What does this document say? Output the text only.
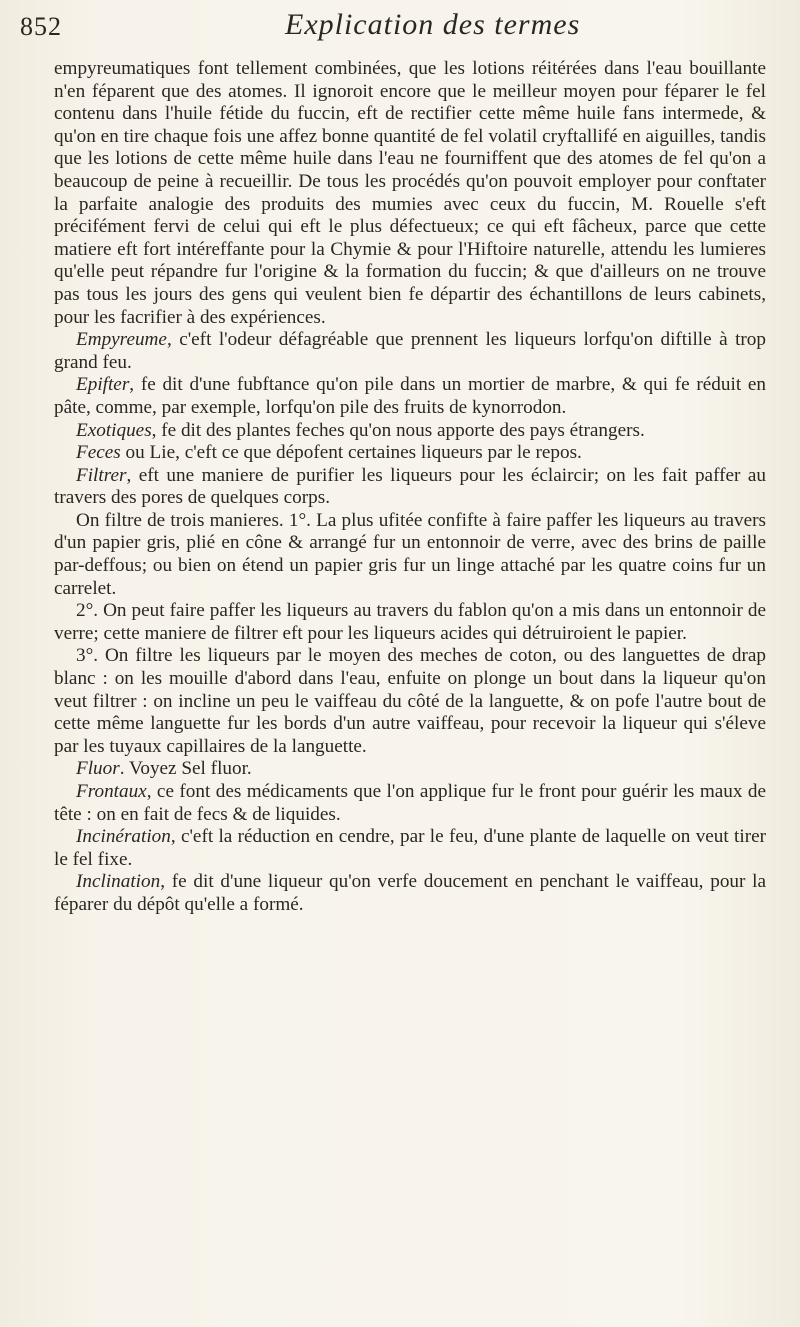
852	Explication des termes

empyreumatiques font tellement combinées, que les lotions réitérées dans l'eau bouillante n'en féparent que des atomes. Il ignoroit encore que le meilleur moyen pour féparer le fel contenu dans l'huile fétide du fuccin, eft de rectifier cette même huile fans intermede, & qu'on en tire chaque fois une affez bonne quantité de fel volatil cryftallifé en aiguilles, tandis que les lotions de cette même huile dans l'eau ne fourniffent que des atomes de fel qu'on a beaucoup de peine à recueillir. De tous les procédés qu'on pouvoit employer pour conftater la parfaite analogie des produits des mumies avec ceux du fuccin, M. Rouelle s'eft précifément fervi de celui qui eft le plus défectueux; ce qui eft fâcheux, parce que cette matiere eft fort intéreffante pour la Chymie & pour l'Hiftoire naturelle, attendu les lumieres qu'elle peut répandre fur l'origine & la formation du fuccin; & que d'ailleurs on ne trouve pas tous les jours des gens qui veulent bien fe départir des échantillons de leurs cabinets, pour les facrifier à des expériences.

Empyreume, c'eft l'odeur défagréable que prennent les liqueurs lorfqu'on diftille à trop grand feu.

Epifter, fe dit d'une fubftance qu'on pile dans un mortier de marbre, & qui fe réduit en pâte, comme, par exemple, lorfqu'on pile des fruits de kynorrodon.

Exotiques, fe dit des plantes feches qu'on nous apporte des pays étrangers.

Feces ou Lie, c'eft ce que dépofent certaines liqueurs par le repos.

Filtrer, eft une maniere de purifier les liqueurs pour les éclaircir; on les fait paffer au travers des pores de quelques corps.

On filtre de trois manieres. 1°. La plus ufitée confifte à faire paffer les liqueurs au travers d'un papier gris, plié en cône & arrangé fur un entonnoir de verre, avec des brins de paille par-deffous; ou bien on étend un papier gris fur un linge attaché par les quatre coins fur un carrelet.

2°. On peut faire paffer les liqueurs au travers du fablon qu'on a mis dans un entonnoir de verre; cette maniere de filtrer eft pour les liqueurs acides qui détruiroient le papier.

3°. On filtre les liqueurs par le moyen des meches de coton, ou des languettes de drap blanc : on les mouille d'abord dans l'eau, enfuite on plonge un bout dans la liqueur qu'on veut filtrer : on incline un peu le vaiffeau du côté de la languette, & on pofe l'autre bout de cette même languette fur les bords d'un autre vaiffeau, pour recevoir la liqueur qui s'éleve par les tuyaux capillaires de la languette.

Fluor. Voyez Sel fluor.

Frontaux, ce font des médicaments que l'on applique fur le front pour guérir les maux de tête : on en fait de fecs & de liquides.

Incinération, c'eft la réduction en cendre, par le feu, d'une plante de laquelle on veut tirer le fel fixe.

Inclination, fe dit d'une liqueur qu'on verfe doucement en penchant le vaiffeau, pour la féparer du dépôt qu'elle a formé.
